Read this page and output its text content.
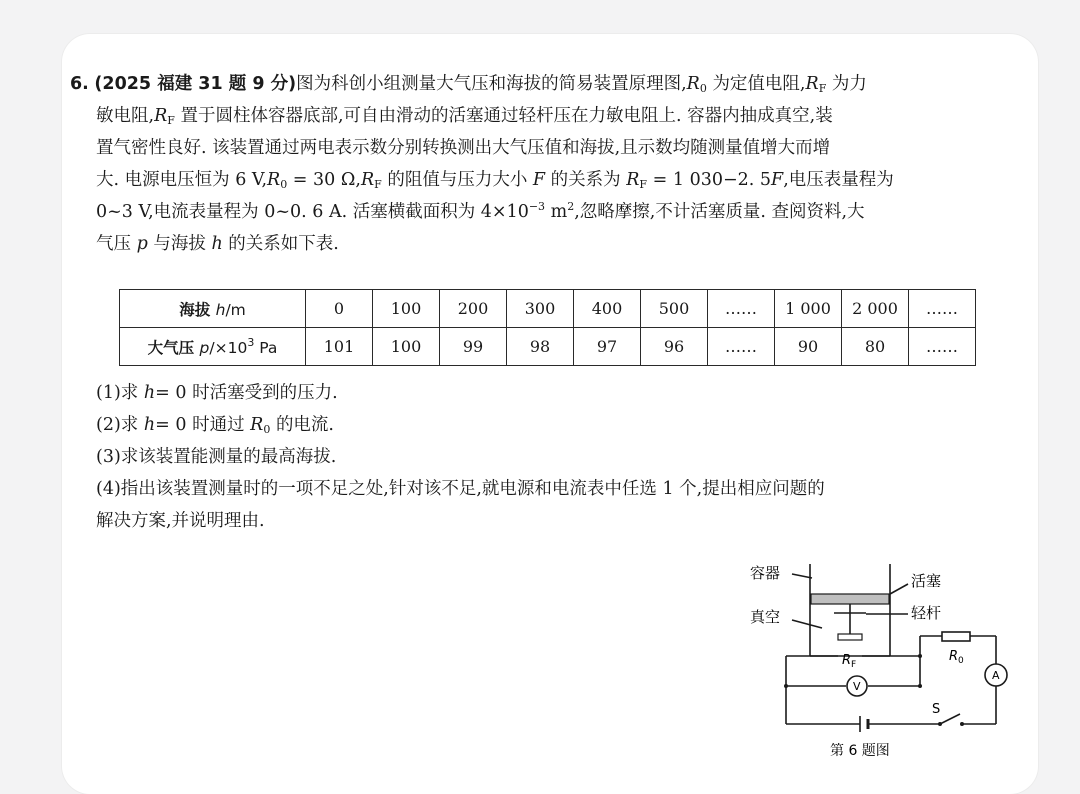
6. (2025 福建 31 题 9 分)图为科创小组测量大气压和海拔的简易装置原理图$,R_0$ 为定值电阻$,R_F$ 为力
敏电阻$,R_F$ 置于圆柱体容器底部,可自由滑动的活塞通过轻杆压在力敏电阻上. 容器内抽成真空,装
置气密性良好. 该装置通过两电表示数分别转换测出大气压值和海拔,且示数均随测量值增大而增
大. 电源电压恒为 6 $V,R_0 = 30$ $\Omega,R_F$ 的阻值与压力大小 F 的关系为 $R_F = 1$ 030−2. 5F,电压表量程为
0~3 V,电流表量程为 0~0. 6 A. 活塞横截面积为 $4\times 10^{-3}$ $m^2$,忽略摩擦,不计活塞质量. 查阅资料,大
气压 p 与海拔 h 的关系如下表.
海拔 h/m	0	100	200	300	400	500	……	1 000	2 000	……
大气压 $p/\times 10^3$ Pa	101	100	99	98	97	96	……	90	80	……
(1)求 h= 0 时活塞受到的压力.
(2)求 h= 0 时通过 $R_0$ 的电流.
(3)求该装置能测量的最高海拔.
(4)指出该装置测量时的一项不足之处,针对该不足,就电源和电流表中任选 1 个,提出相应问题的
解决方案,并说明理由.
容器	活塞
真空	轻杆
$R_F$
$R_0$
V
A
S
第 6 题图
